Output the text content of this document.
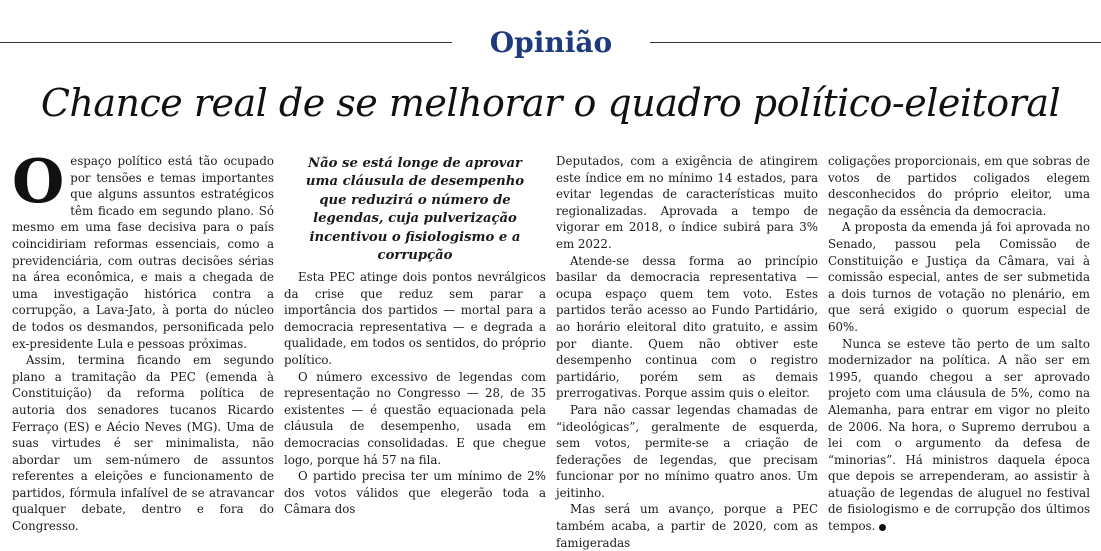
Opinião
Chance real de se melhorar o quadro político-eleitoral

Oespaço político está tão ocupado por tensões e temas importantes que alguns assuntos estratégicos têm ficado em segundo plano. Só mesmo em uma fase decisiva para o país coincidiriam reformas essenciais, como a previdenciária, com outras decisões sérias na área econômica, e mais a chegada de uma investigação histórica contra a corrupção, a Lava-Jato, à porta do núcleo de todos os desmandos, personificada pelo ex-presidente Lula e pessoas próximas.

Assim, termina ficando em segundo plano a tramitação da PEC (emenda à Constituição) da reforma política de autoria dos senadores tucanos Ricardo Ferraço (ES) e Aécio Neves (MG). Uma de suas virtudes é ser minimalista, não abordar um sem-número de assuntos referentes a eleições e funcionamento de partidos, fórmula infalível de se atravancar qualquer debate, dentro e fora do Congresso.

Não se está longe de aprovar uma cláusula de desempenho que reduzirá o número de legendas, cuja pulverização incentivou o fisiologismo e a corrupção

Esta PEC atinge dois pontos nevrálgicos da crise que reduz sem parar a importância dos partidos — mortal para a democracia representativa — e degrada a qualidade, em todos os sentidos, do próprio político.

O número excessivo de legendas com representação no Congresso — 28, de 35 existentes — é questão equacionada pela cláusula de desempenho, usada em democracias consolidadas. E que chegue logo, porque há 57 na fila.

O partido precisa ter um mínimo de 2% dos votos válidos que elegerão toda a Câmara dos

Deputados, com a exigência de atingirem este índice em no mínimo 14 estados, para evitar legendas de características muito regionalizadas. Aprovada a tempo de vigorar em 2018, o índice subirá para 3% em 2022.

Atende-se dessa forma ao princípio basilar da democracia representativa — ocupa espaço quem tem voto. Estes partidos terão acesso ao Fundo Partidário, ao horário eleitoral dito gratuito, e assim por diante. Quem não obtiver este desempenho continua com o registro partidário, porém sem as demais prerrogativas. Porque assim quis o eleitor.

Para não cassar legendas chamadas de “ideológicas”, geralmente de esquerda, sem votos, permite-se a criação de federações de legendas, que precisam funcionar por no mínimo quatro anos. Um jeitinho.

Mas será um avanço, porque a PEC também acaba, a partir de 2020, com as famigeradas

coligações proporcionais, em que sobras de votos de partidos coligados elegem desconhecidos do próprio eleitor, uma negação da essência da democracia.

A proposta da emenda já foi aprovada no Senado, passou pela Comissão de Constituição e Justiça da Câmara, vai à comissão especial, antes de ser submetida a dois turnos de votação no plenário, em que será exigido o quorum especial de 60%.

Nunca se esteve tão perto de um salto modernizador na política. A não ser em 1995, quando chegou a ser aprovado projeto com uma cláusula de 5%, como na Alemanha, para entrar em vigor no pleito de 2006. Na hora, o Supremo derrubou a lei com o argumento da defesa de “minorias”. Há ministros daquela época que depois se arrependeram, ao assistir à atuação de legendas de aluguel no festival de fisiologismo e de corrupção dos últimos tempos.
